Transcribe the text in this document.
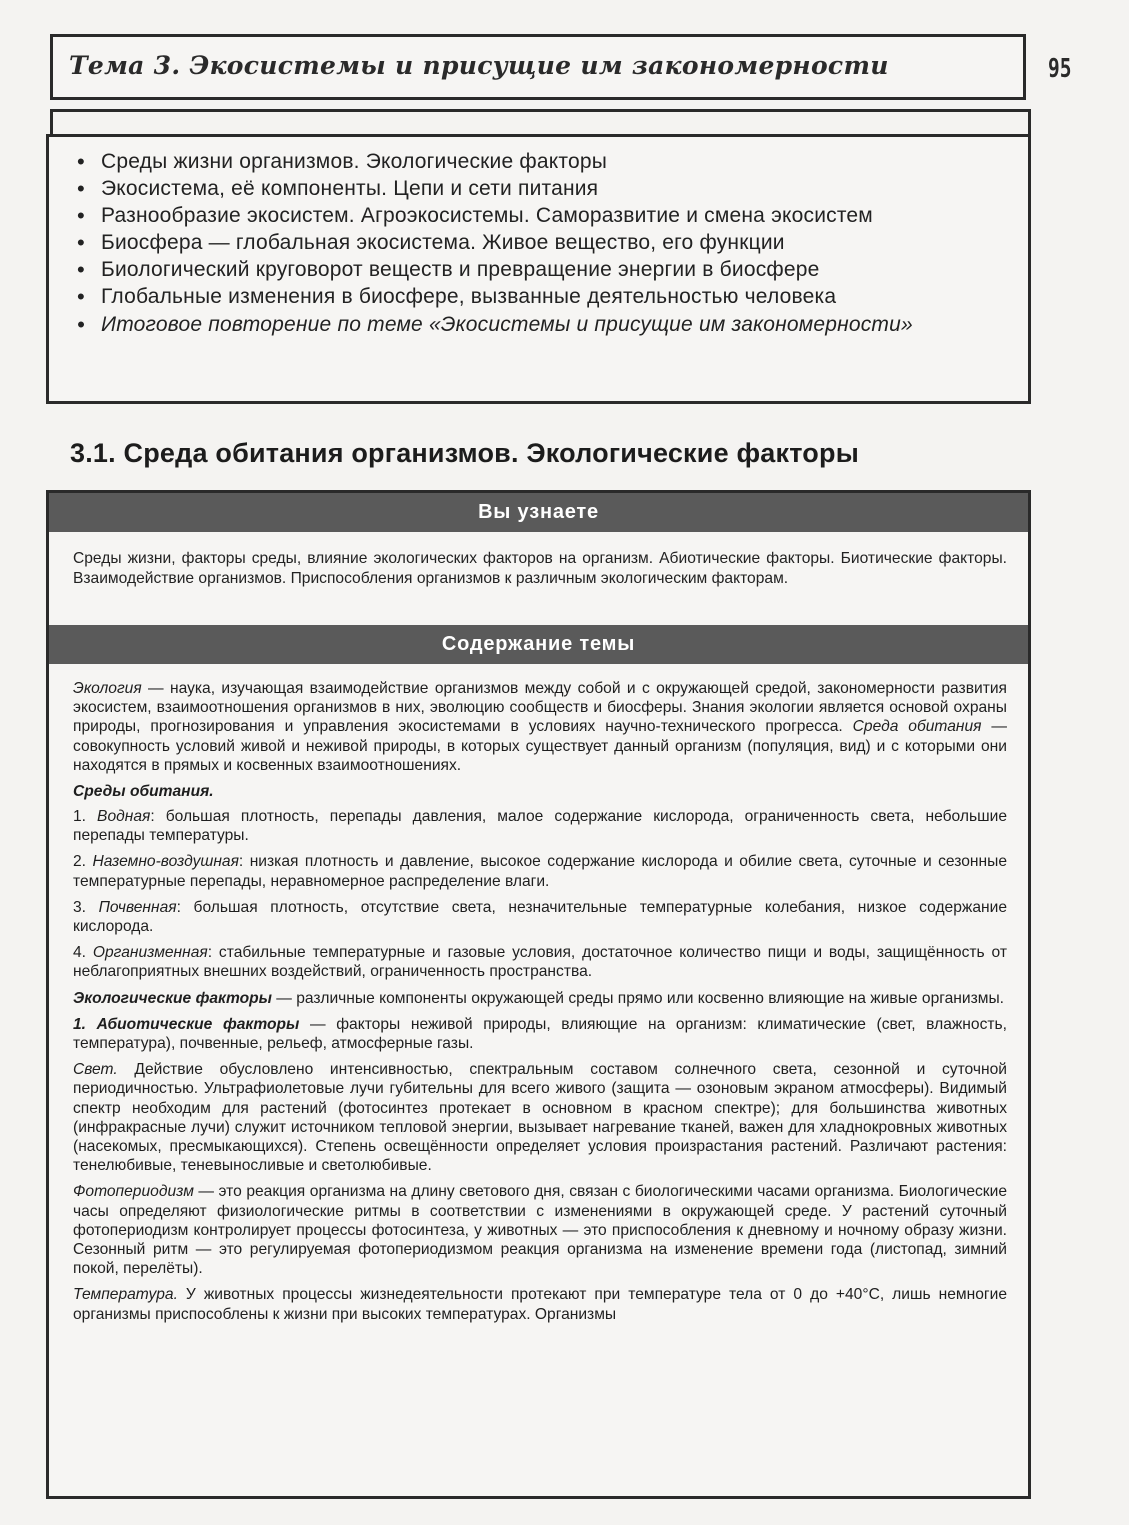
Тема 3. Экосистемы и присущие им закономерности	95
• Среды жизни организмов. Экологические факторы
• Экосистема, её компоненты. Цепи и сети питания
• Разнообразие экосистем. Агроэкосистемы. Саморазвитие и смена экосистем
• Биосфера — глобальная экосистема. Живое вещество, его функции
• Биологический круговорот веществ и превращение энергии в биосфере
• Глобальные изменения в биосфере, вызванные деятельностью человека
• Итоговое повторение по теме «Экосистемы и присущие им закономерности»
3.1. Среда обитания организмов. Экологические факторы
Вы узнаете
Среды жизни, факторы среды, влияние экологических факторов на организм. Абиотические факторы. Биотические факторы. Взаимодействие организмов. Приспособления организмов к различным экологическим факторам.
Содержание темы

Экология — наука, изучающая взаимодействие организмов между собой и с окружающей средой, закономерности развития экосистем, взаимоотношения организмов в них, эволюцию сообществ и биосферы. Знания экологии является основой охраны природы, прогнозирования и управления экосистемами в условиях научно-технического прогресса. Среда обитания — совокупность условий живой и неживой природы, в которых существует данный организм (популяция, вид) и с которыми они находятся в прямых и косвенных взаимоотношениях.

Среды обитания.

1. Водная: большая плотность, перепады давления, малое содержание кислорода, ограниченность света, небольшие перепады температуры.

2. Наземно-воздушная: низкая плотность и давление, высокое содержание кислорода и обилие света, суточные и сезонные температурные перепады, неравномерное распределение влаги.

3. Почвенная: большая плотность, отсутствие света, незначительные температурные колебания, низкое содержание кислорода.

4. Организменная: стабильные температурные и газовые условия, достаточное количество пищи и воды, защищённость от неблагоприятных внешних воздействий, ограниченность пространства.

Экологические факторы — различные компоненты окружающей среды прямо или косвенно влияющие на живые организмы.

1. Абиотические факторы — факторы неживой природы, влияющие на организм: климатические (свет, влажность, температура), почвенные, рельеф, атмосферные газы.

Свет. Действие обусловлено интенсивностью, спектральным составом солнечного света, сезонной и суточной периодичностью. Ультрафиолетовые лучи губительны для всего живого (защита — озоновым экраном атмосферы). Видимый спектр необходим для растений (фотосинтез протекает в основном в красном спектре); для большинства животных (инфракрасные лучи) служит источником тепловой энергии, вызывает нагревание тканей, важен для хладнокровных животных (насекомых, пресмыкающихся). Степень освещённости определяет условия произрастания растений. Различают растения: тенелюбивые, теневыносливые и светолюбивые.

Фотопериодизм — это реакция организма на длину светового дня, связан с биологическими часами организма. Биологические часы определяют физиологические ритмы в соответствии с изменениями в окружающей среде. У растений суточный фотопериодизм контролирует процессы фотосинтеза, у животных — это приспособления к дневному и ночному образу жизни. Сезонный ритм — это регулируемая фотопериодизмом реакция организма на изменение времени года (листопад, зимний покой, перелёты).

Температура. У животных процессы жизнедеятельности протекают при температуре тела от 0 до +40°С, лишь немногие организмы приспособлены к жизни при высоких температурах. Организмы
